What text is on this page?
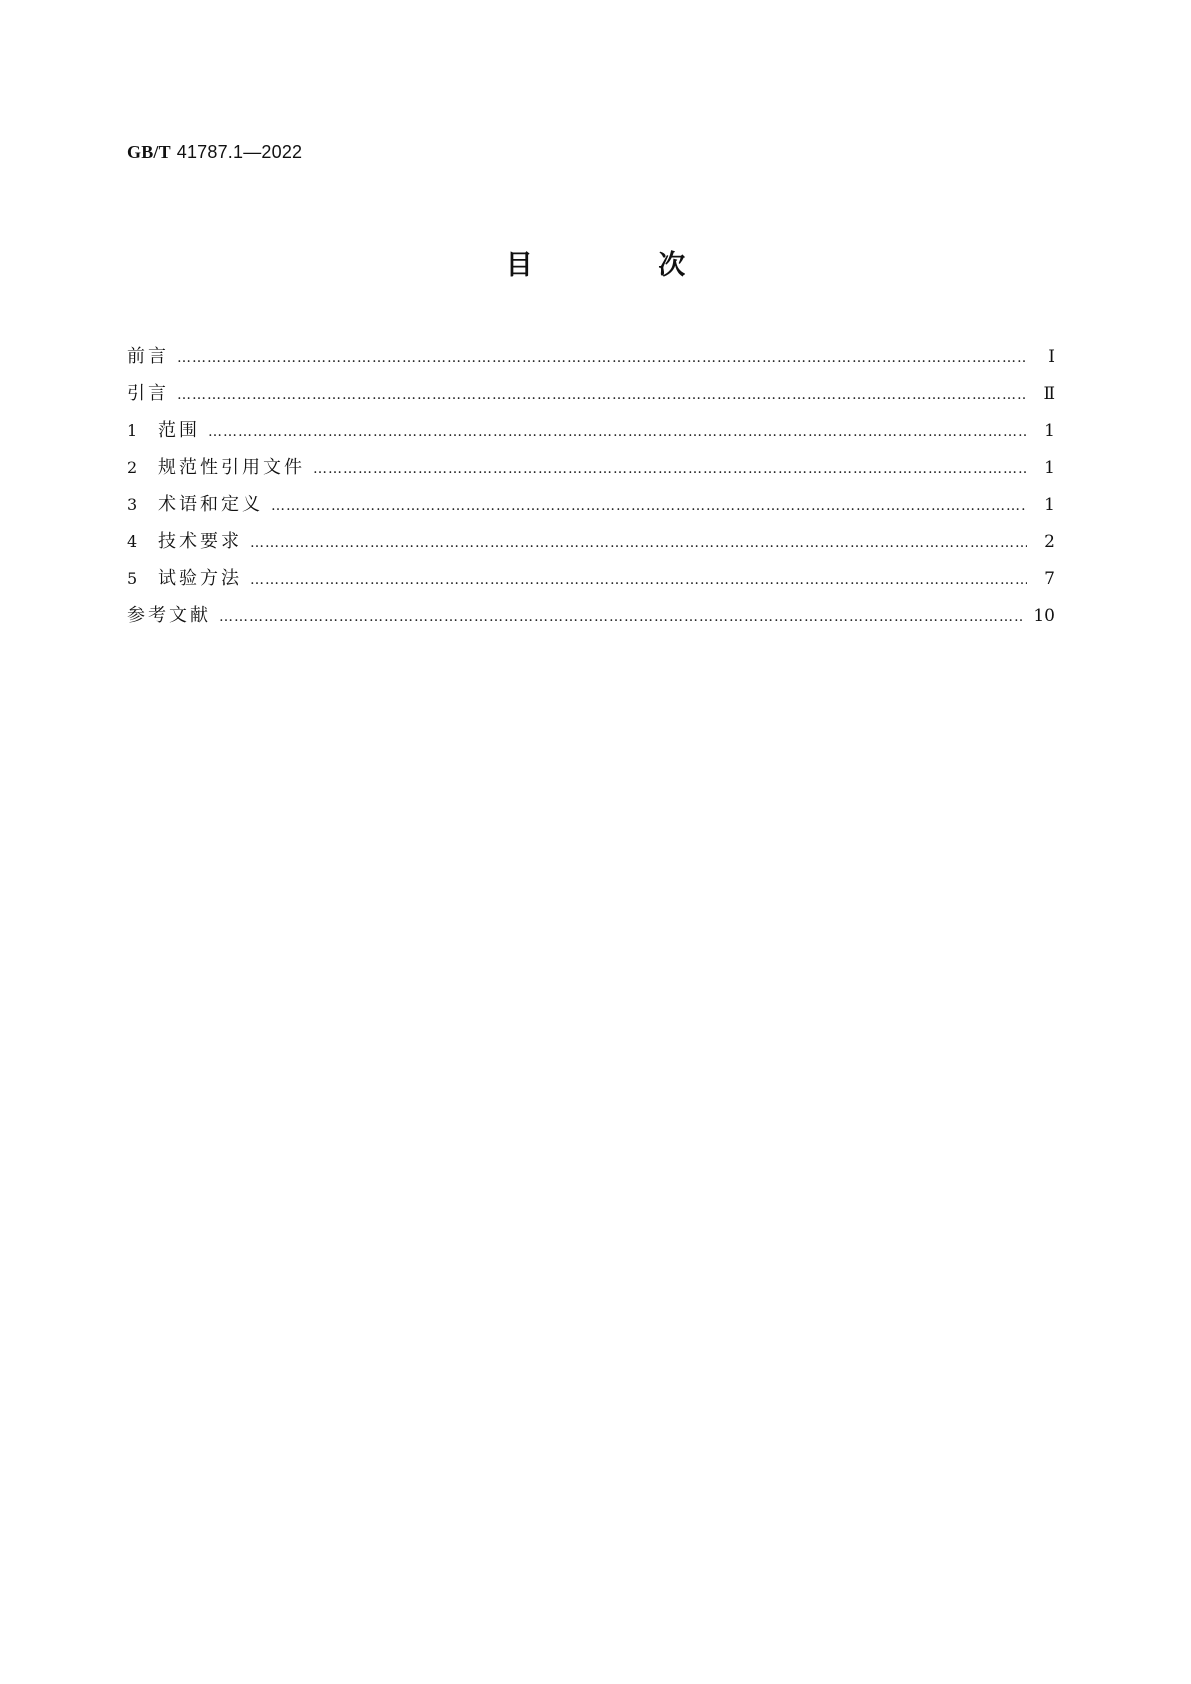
GB/T 41787.1—2022
目 次
前言 ……………………………………………………………………………………………………………………………………………………………………………………………………………………………………	Ⅰ
引言 ……………………………………………………………………………………………………………………………………………………………………………………………………………………………………	Ⅱ
1	范围 ……………………………………………………………………………………………………………………………………………………………………………………………………………………………………	1
2	规范性引用文件 ……………………………………………………………………………………………………………………………………………………………………………………………………………………………………	1
3	术语和定义 ……………………………………………………………………………………………………………………………………………………………………………………………………………………………………	1
4	技术要求 ……………………………………………………………………………………………………………………………………………………………………………………………………………………………………	2
5	试验方法 ……………………………………………………………………………………………………………………………………………………………………………………………………………………………………	7
参考文献 ……………………………………………………………………………………………………………………………………………………………………………………………………………………………………	10
